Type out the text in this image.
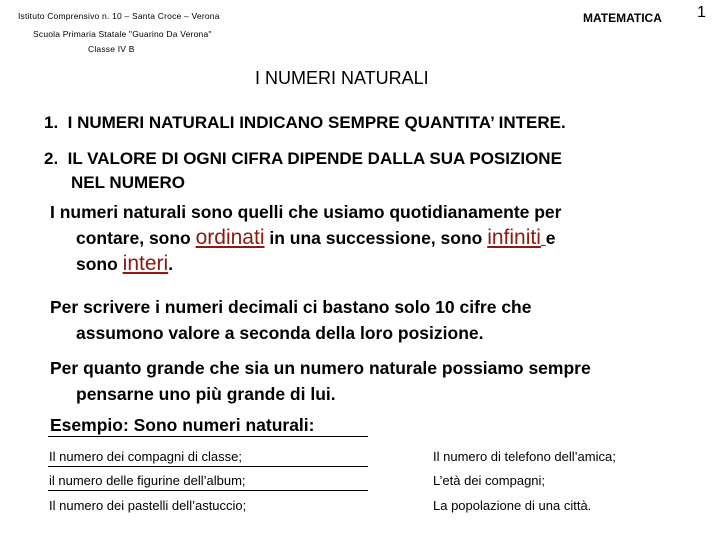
Istituto Comprensivo n. 10 – Santa Croce – Verona
Scuola Primaria Statale "Guarino Da Verona"
Classe IV B
MATEMATICA 1
I NUMERI NATURALI
1. I NUMERI NATURALI INDICANO SEMPRE QUANTITA’ INTERE.
2. IL VALORE DI OGNI CIFRA DIPENDE DALLA SUA POSIZIONE
NEL NUMERO
I numeri naturali sono quelli che usiamo quotidianamente per
contare, sono ordinati in una successione, sono infiniti e
sono interi.
Per scrivere i numeri decimali ci bastano solo 10 cifre che
assumono valore a seconda della loro posizione.
Per quanto grande che sia un numero naturale possiamo sempre
pensarne uno più grande di lui.
Esempio: Sono numeri naturali:
Il numero dei compagni di classe;	Il numero di telefono dell’amica;
il numero delle figurine dell’album;	L’età dei compagni;
Il numero dei pastelli dell’astuccio;	La popolazione di una città.
